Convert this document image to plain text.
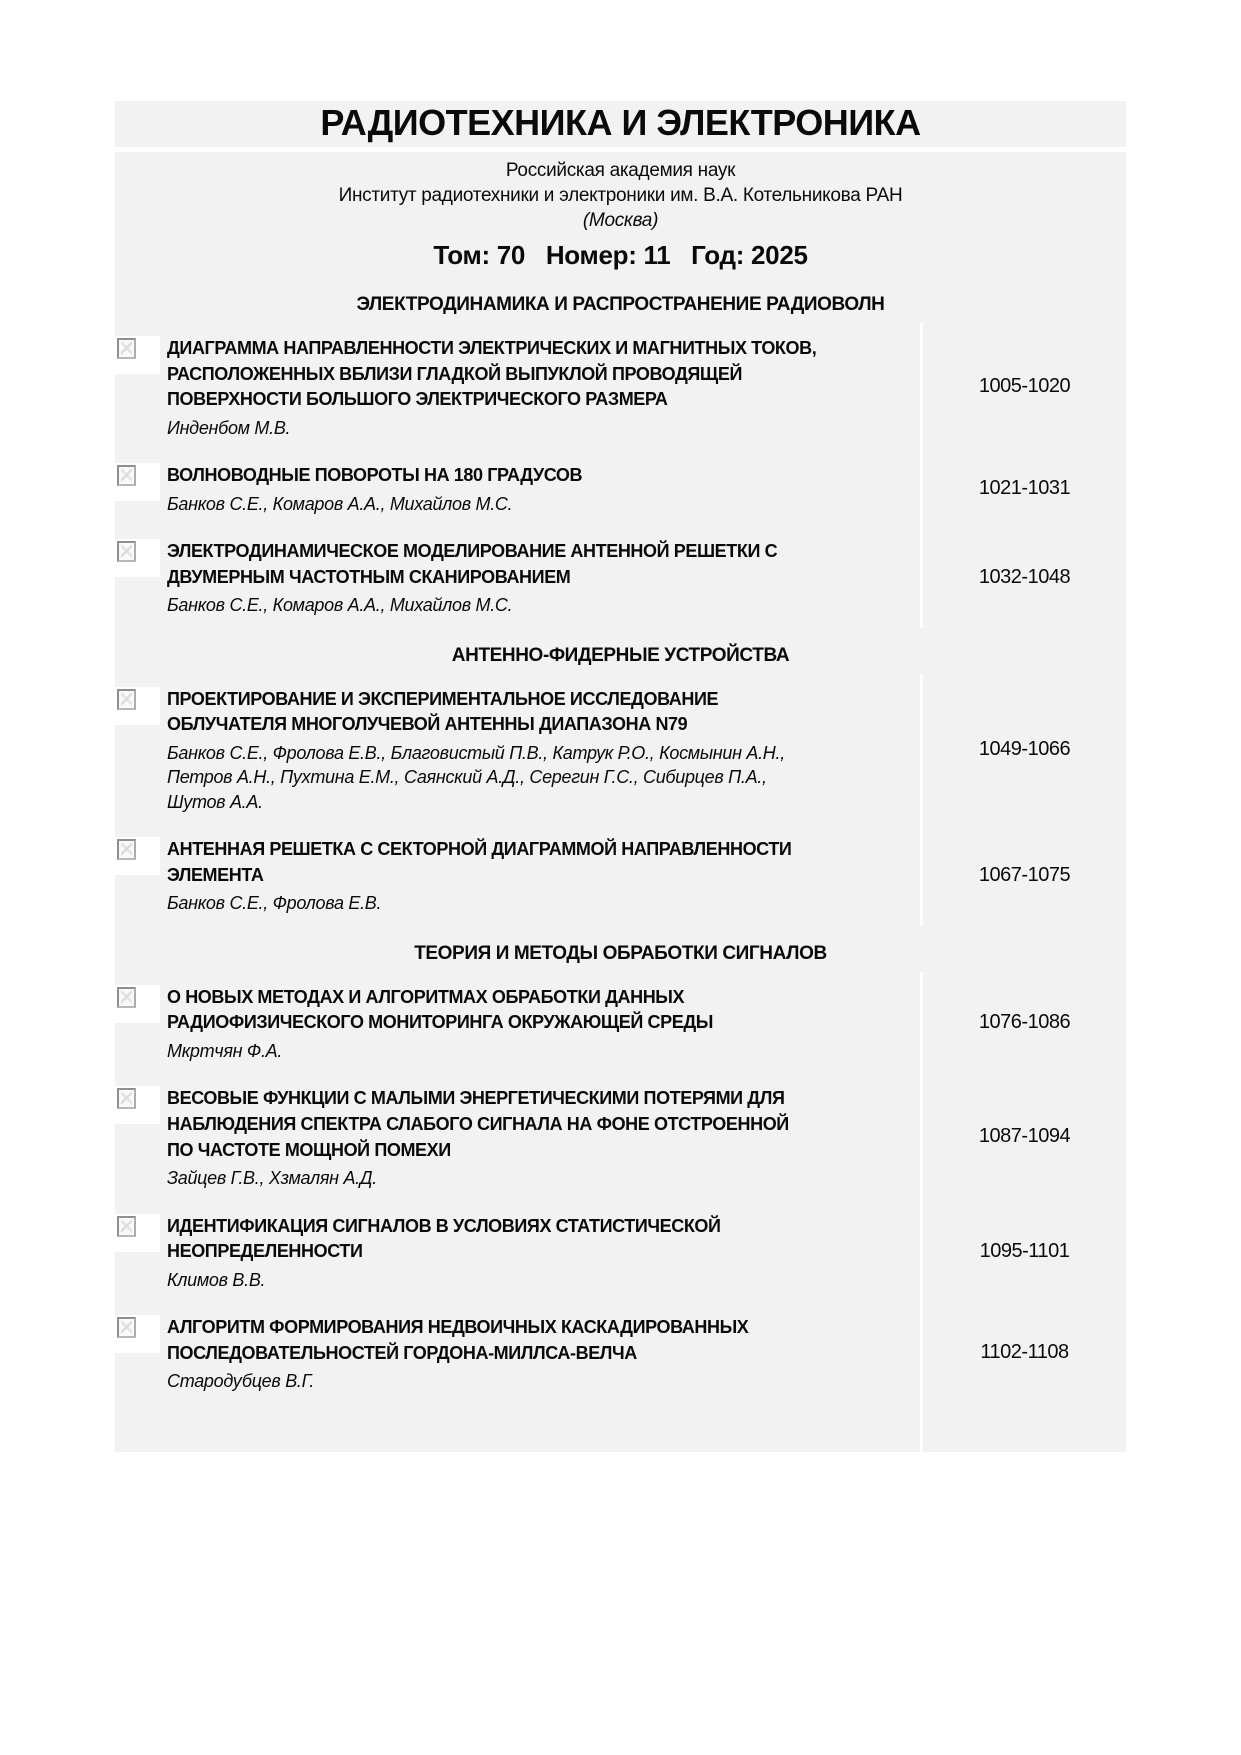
РАДИОТЕХНИКА И ЭЛЕКТРОНИКА
Российская академия наук
Институт радиотехники и электроники им. В.А. Котельникова РАН
(Москва)
Том: 70   Номер: 11   Год: 2025
ЭЛЕКТРОДИНАМИКА И РАСПРОСТРАНЕНИЕ РАДИОВОЛН
ДИАГРАММА НАПРАВЛЕННОСТИ ЭЛЕКТРИЧЕСКИХ И МАГНИТНЫХ ТОКОВ, РАСПОЛОЖЕННЫХ ВБЛИЗИ ГЛАДКОЙ ВЫПУКЛОЙ ПРОВОДЯЩЕЙ ПОВЕРХНОСТИ БОЛЬШОГО ЭЛЕКТРИЧЕСКОГО РАЗМЕРА
Инденбом М.В.
1005-1020
ВОЛНОВОДНЫЕ ПОВОРОТЫ НА 180 ГРАДУСОВ
Банков С.Е., Комаров А.А., Михайлов М.С.
1021-1031
ЭЛЕКТРОДИНАМИЧЕСКОЕ МОДЕЛИРОВАНИЕ АНТЕННОЙ РЕШЕТКИ С ДВУМЕРНЫМ ЧАСТОТНЫМ СКАНИРОВАНИЕМ
Банков С.Е., Комаров А.А., Михайлов М.С.
1032-1048
АНТЕННО-ФИДЕРНЫЕ УСТРОЙСТВА
ПРОЕКТИРОВАНИЕ И ЭКСПЕРИМЕНТАЛЬНОЕ ИССЛЕДОВАНИЕ ОБЛУЧАТЕЛЯ МНОГОЛУЧЕВОЙ АНТЕННЫ ДИАПАЗОНА N79
Банков С.Е., Фролова Е.В., Благовистый П.В., Катрук Р.О., Космынин А.Н., Петров А.Н., Пухтина Е.М., Саянский А.Д., Серегин Г.С., Сибирцев П.А., Шутов А.А.
1049-1066
АНТЕННАЯ РЕШЕТКА С СЕКТОРНОЙ ДИАГРАММОЙ НАПРАВЛЕННОСТИ ЭЛЕМЕНТА
Банков С.Е., Фролова Е.В.
1067-1075
ТЕОРИЯ И МЕТОДЫ ОБРАБОТКИ СИГНАЛОВ
О НОВЫХ МЕТОДАХ И АЛГОРИТМАХ ОБРАБОТКИ ДАННЫХ РАДИОФИЗИЧЕСКОГО МОНИТОРИНГА ОКРУЖАЮЩЕЙ СРЕДЫ
Мкртчян Ф.А.
1076-1086
ВЕСОВЫЕ ФУНКЦИИ С МАЛЫМИ ЭНЕРГЕТИЧЕСКИМИ ПОТЕРЯМИ ДЛЯ НАБЛЮДЕНИЯ СПЕКТРА СЛАБОГО СИГНАЛА НА ФОНЕ ОТСТРОЕННОЙ ПО ЧАСТОТЕ МОЩНОЙ ПОМЕХИ
Зайцев Г.В., Хзмалян А.Д.
1087-1094
ИДЕНТИФИКАЦИЯ СИГНАЛОВ В УСЛОВИЯХ СТАТИСТИЧЕСКОЙ НЕОПРЕДЕЛЕННОСТИ
Климов В.В.
1095-1101
АЛГОРИТМ ФОРМИРОВАНИЯ НЕДВОИЧНЫХ КАСКАДИРОВАННЫХ ПОСЛЕДОВАТЕЛЬНОСТЕЙ ГОРДОНА-МИЛЛСА-ВЕЛЧА
Стародубцев В.Г.
1102-1108
